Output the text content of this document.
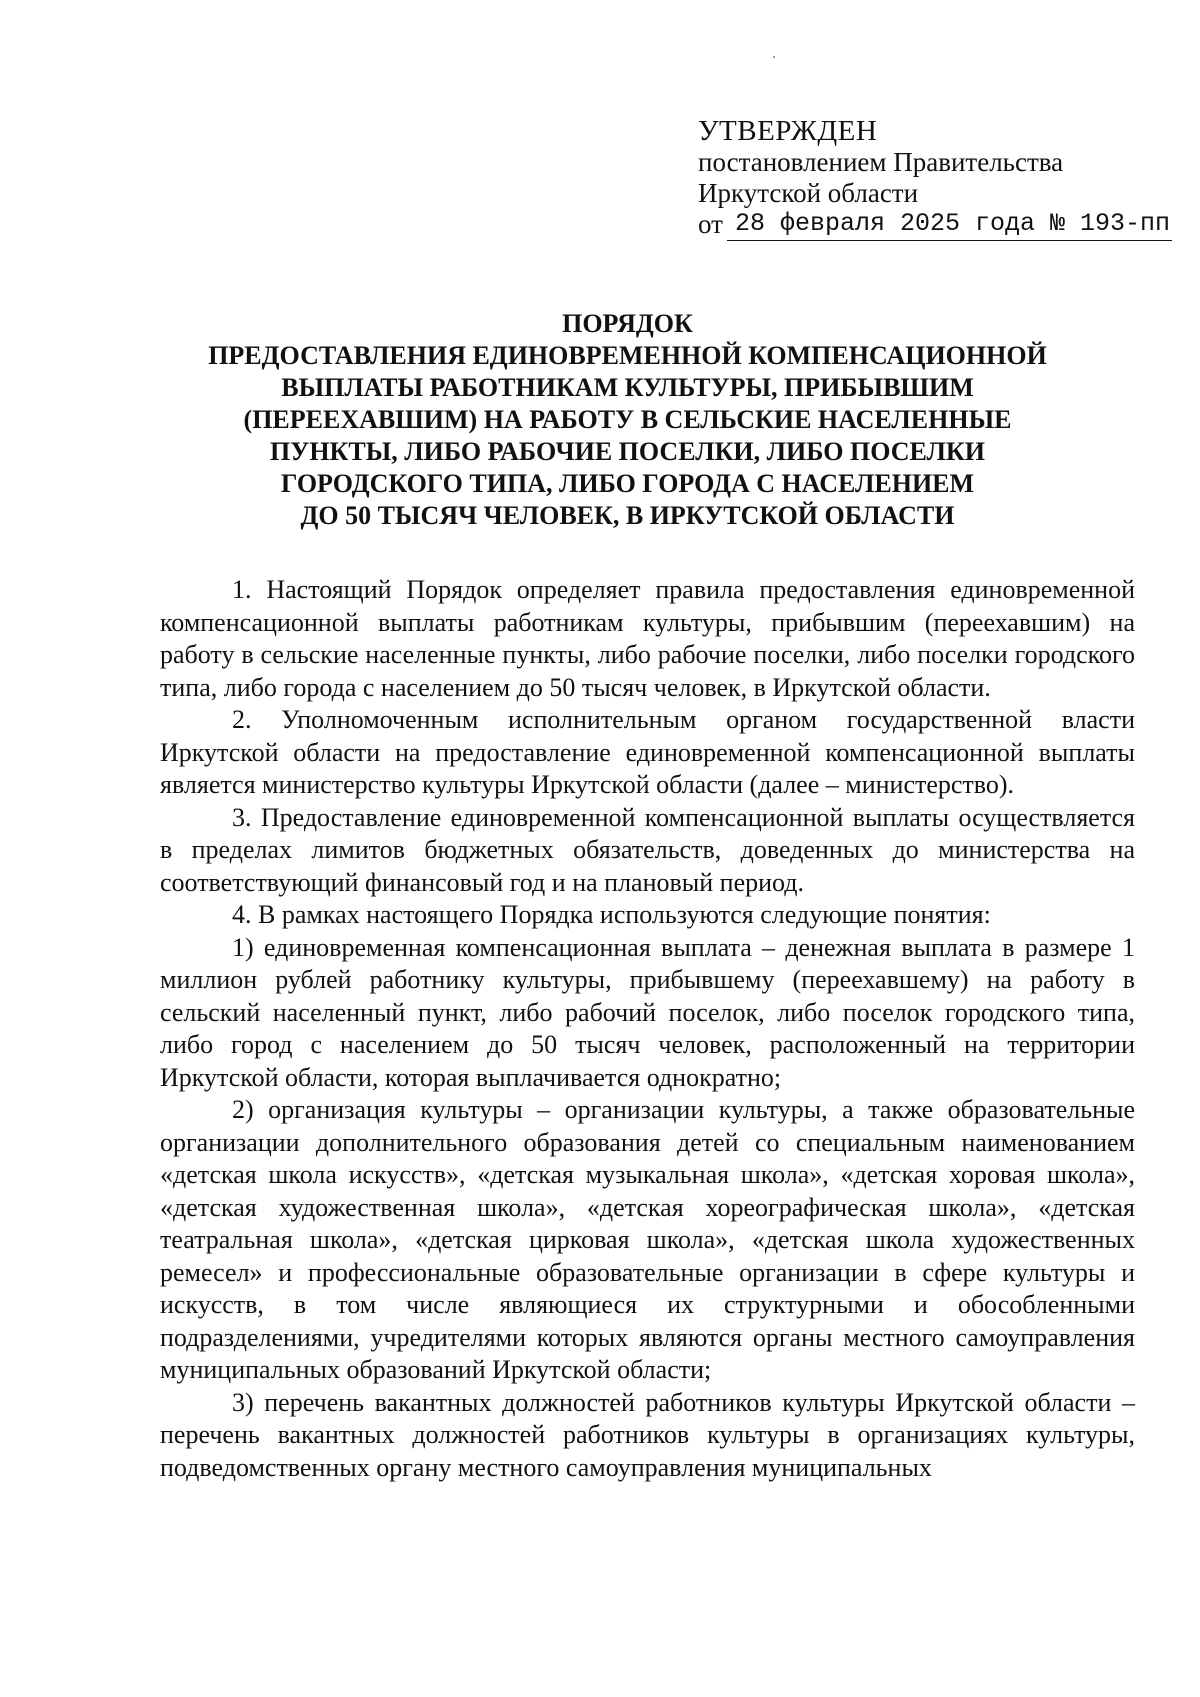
УТВЕРЖДЕН
постановлением Правительства
Иркутской области
от 28 февраля 2025 года № 193-пп
ПОРЯДОК
ПРЕДОСТАВЛЕНИЯ ЕДИНОВРЕМЕННОЙ КОМПЕНСАЦИОННОЙ
ВЫПЛАТЫ РАБОТНИКАМ КУЛЬТУРЫ, ПРИБЫВШИМ
(ПЕРЕЕХАВШИМ) НА РАБОТУ В СЕЛЬСКИЕ НАСЕЛЕННЫЕ
ПУНКТЫ, ЛИБО РАБОЧИЕ ПОСЕЛКИ, ЛИБО ПОСЕЛКИ
ГОРОДСКОГО ТИПА, ЛИБО ГОРОДА С НАСЕЛЕНИЕМ
ДО 50 ТЫСЯЧ ЧЕЛОВЕК, В ИРКУТСКОЙ ОБЛАСТИ

1. Настоящий Порядок определяет правила предоставления единовременной компенсационной выплаты работникам культуры, прибывшим (переехавшим) на работу в сельские населенные пункты, либо рабочие поселки, либо поселки городского типа, либо города с населением до 50 тысяч человек, в Иркутской области.

2. Уполномоченным исполнительным органом государственной власти Иркутской области на предоставление единовременной компенсационной выплаты является министерство культуры Иркутской области (далее – министерство).

3. Предоставление единовременной компенсационной выплаты осуществляется в пределах лимитов бюджетных обязательств, доведенных до министерства на соответствующий финансовый год и на плановый период.

4. В рамках настоящего Порядка используются следующие понятия:

1) единовременная компенсационная выплата – денежная выплата в размере 1 миллион рублей работнику культуры, прибывшему (переехавшему) на работу в сельский населенный пункт, либо рабочий поселок, либо поселок городского типа, либо город с населением до 50 тысяч человек, расположенный на территории Иркутской области, которая выплачивается однократно;

2) организация культуры – организации культуры, а также образовательные организации дополнительного образования детей со специальным наименованием «детская школа искусств», «детская музыкальная школа», «детская хоровая школа», «детская художественная школа», «детская хореографическая школа», «детская театральная школа», «детская цирковая школа», «детская школа художественных ремесел» и профессиональные образовательные организации в сфере культуры и искусств, в том числе являющиеся их структурными и обособленными подразделениями, учредителями которых являются органы местного самоуправления муниципальных образований Иркутской области;

3) перечень вакантных должностей работников культуры Иркутской области – перечень вакантных должностей работников культуры в организациях культуры, подведомственных органу местного самоуправления муниципальных
